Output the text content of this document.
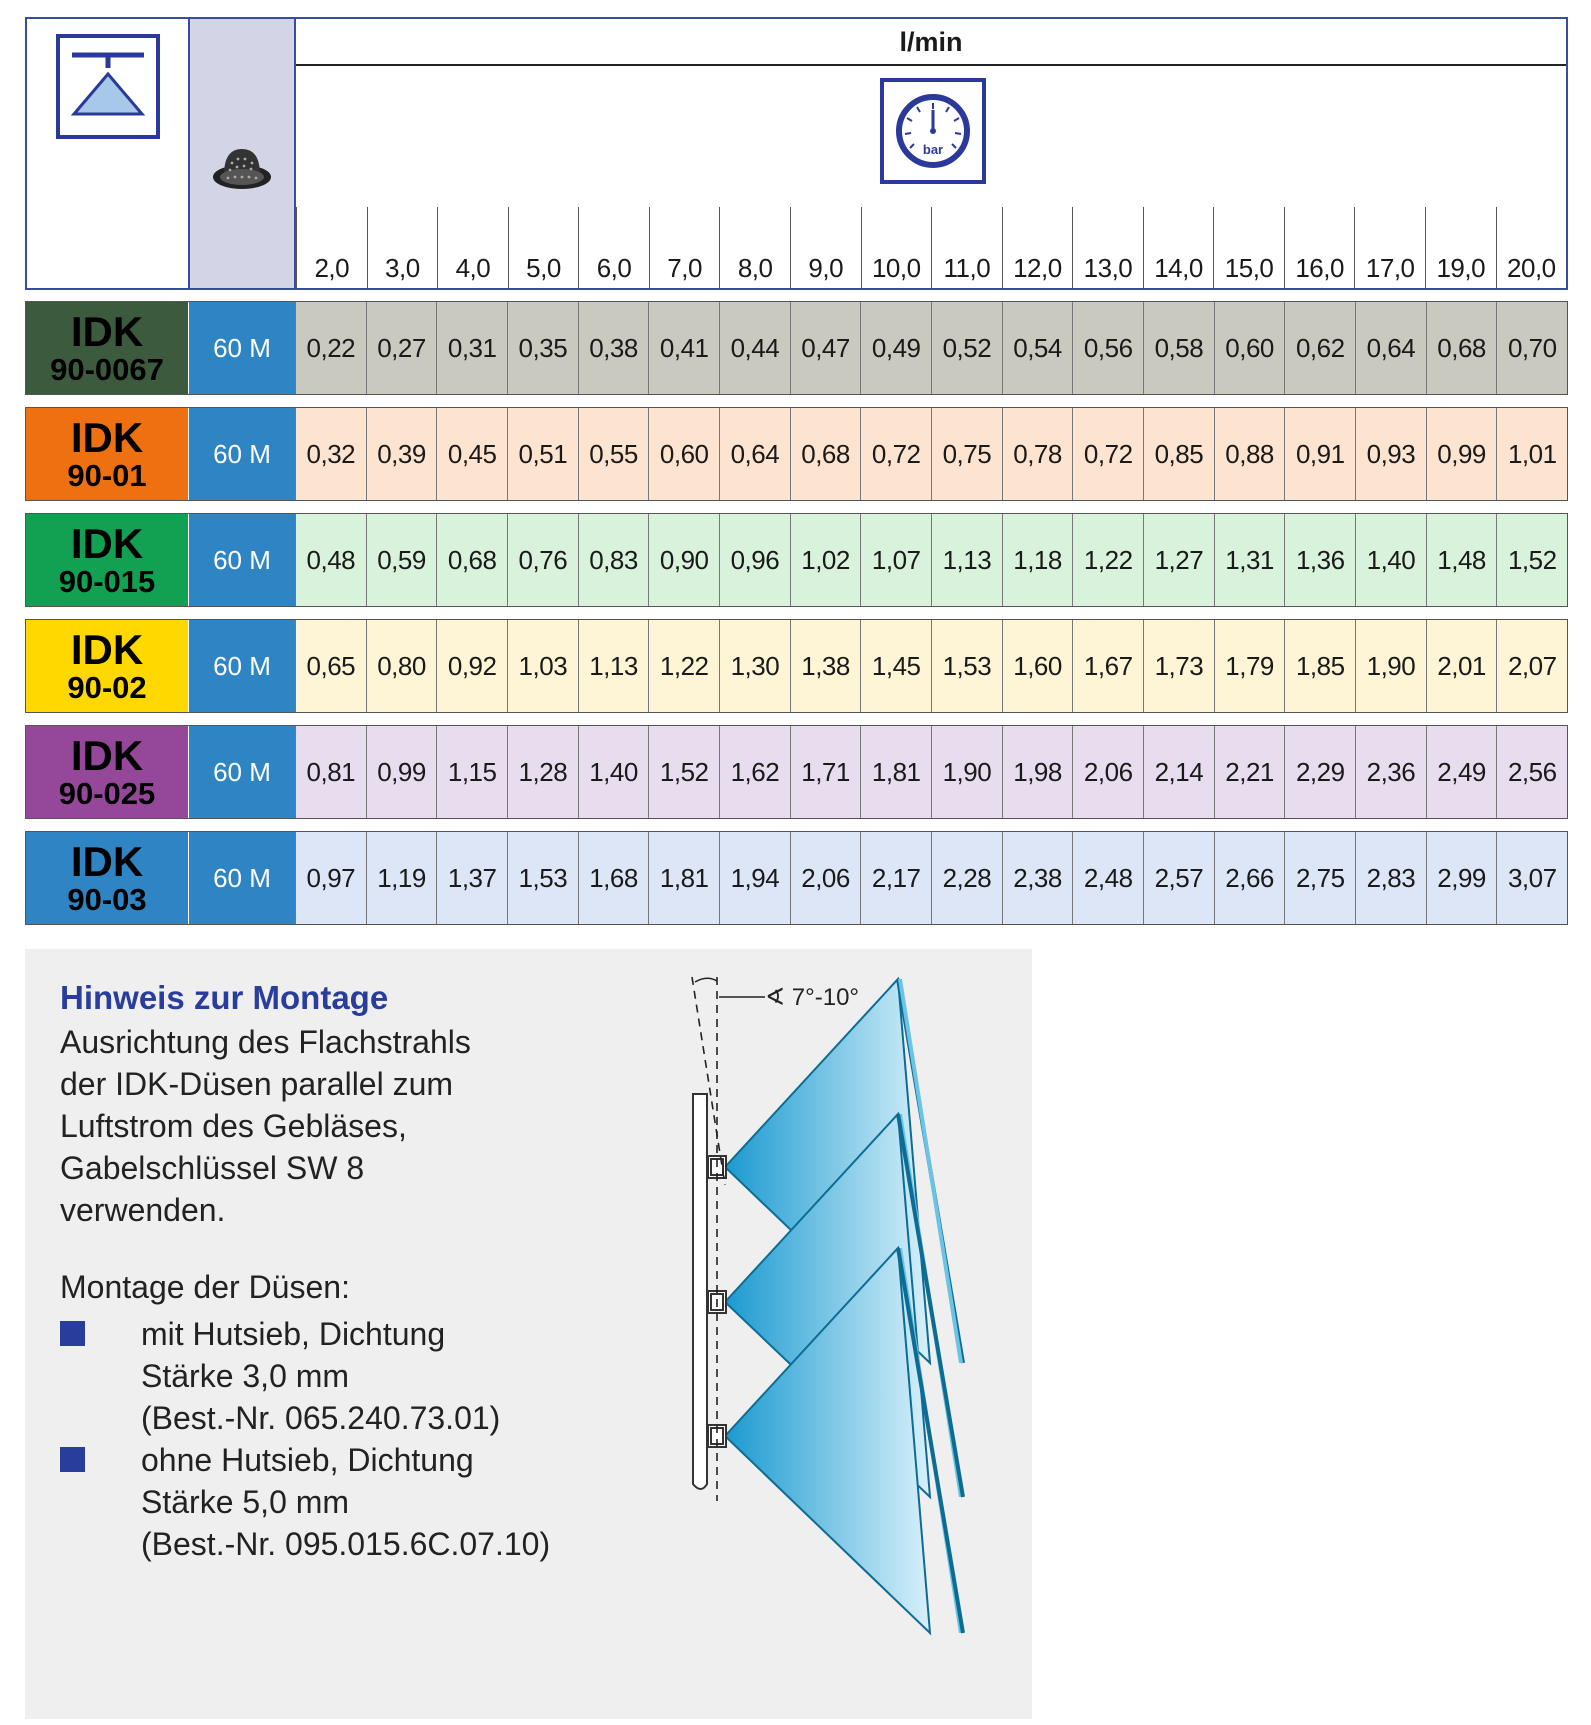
l/min
bar
2,0	3,0	4,0	5,0	6,0	7,0	8,0	9,0	10,0 11,0 12,0 13,0 14,0 15,0 16,0 17,0 19,0 20,0
IDK
90-0067
60 M	0,22 0,27 0,31 0,35 0,38 0,41 0,44 0,47 0,49 0,52 0,54 0,56 0,58 0,60 0,62 0,64 0,68 0,70
IDK
90-01
60 M	0,32 0,39 0,45 0,51 0,55 0,60 0,64 0,68 0,72 0,75 0,78 0,72 0,85 0,88 0,91 0,93 0,99 1,01
IDK
90-015
60 M	0,48 0,59 0,68 0,76 0,83 0,90 0,96 1,02 1,07 1,13 1,18 1,22 1,27 1,31 1,36 1,40 1,48 1,52
IDK
90-02
60 M	0,65 0,80 0,92 1,03 1,13 1,22 1,30 1,38 1,45 1,53 1,60 1,67 1,73 1,79 1,85 1,90 2,01 2,07
IDK
90-025
60 M	0,81 0,99 1,15 1,28 1,40 1,52 1,62 1,71 1,81 1,90 1,98 2,06 2,14 2,21 2,29 2,36 2,49 2,56
IDK
90-03
60 M	0,97 1,19 1,37 1,53 1,68 1,81 1,94 2,06 2,17 2,28 2,38 2,48 2,57 2,66 2,75 2,83 2,99 3,07
Hinweis zur Montage
Ausrichtung des Flachstrahls
der IDK-Düsen parallel zum
Luftstrom des Gebläses,
Gabelschlüssel SW 8
verwenden.
Montage der Düsen:
mit Hutsieb, Dichtung
Stärke 3,0 mm
(Best.-Nr. 065.240.73.01)
ohne Hutsieb, Dichtung
Stärke 5,0 mm
(Best.-Nr. 095.015.6C.07.10)
∢ 7°-10°
